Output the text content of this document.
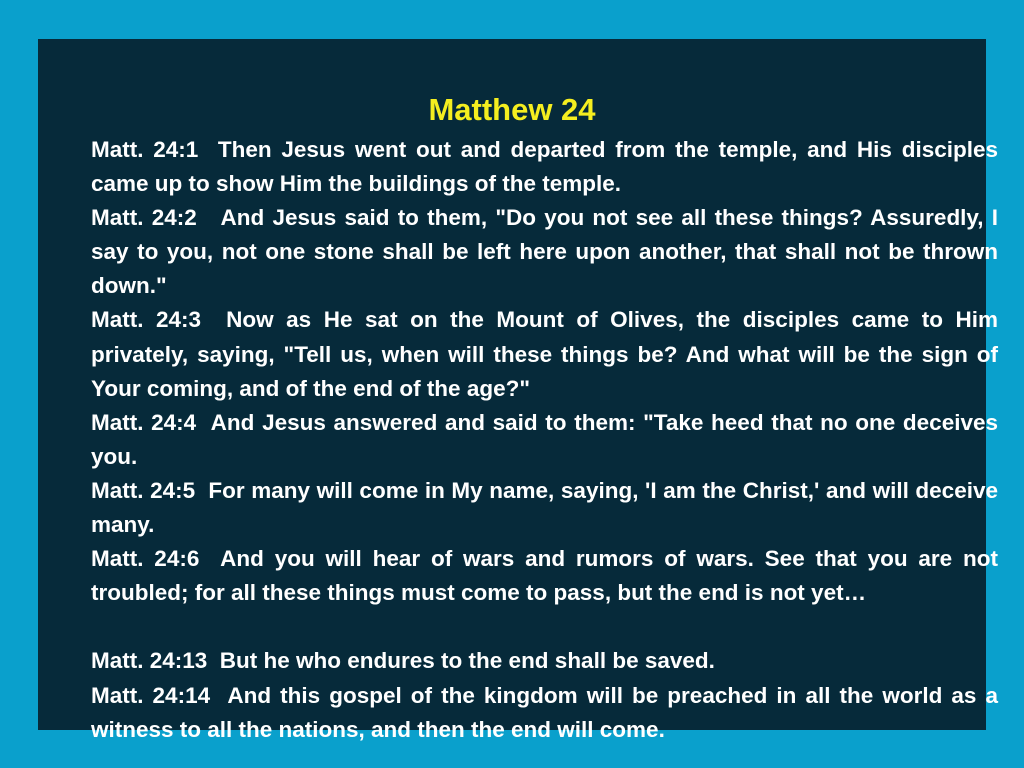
Matthew 24

Matt. 24:1  Then Jesus went out and departed from the temple, and His disciples came up to show Him the buildings of the temple.

Matt. 24:2   And Jesus said to them, "Do you not see all these things? Assuredly, I say to you, not one stone shall be left here upon another, that shall not be thrown down."

Matt. 24:3  Now as He sat on the Mount of Olives, the disciples came to Him privately, saying, "Tell us, when will these things be? And what will be the sign of Your coming, and of the end of the age?"

Matt. 24:4  And Jesus answered and said to them: "Take heed that no one deceives you.

Matt. 24:5  For many will come in My name, saying, 'I am the Christ,' and will deceive many.

Matt. 24:6  And you will hear of wars and rumors of wars. See that you are not troubled; for all these things must come to pass, but the end is not yet…

Matt. 24:13  But he who endures to the end shall be saved.

Matt. 24:14  And this gospel of the kingdom will be preached in all the world as a witness to all the nations, and then the end will come.
